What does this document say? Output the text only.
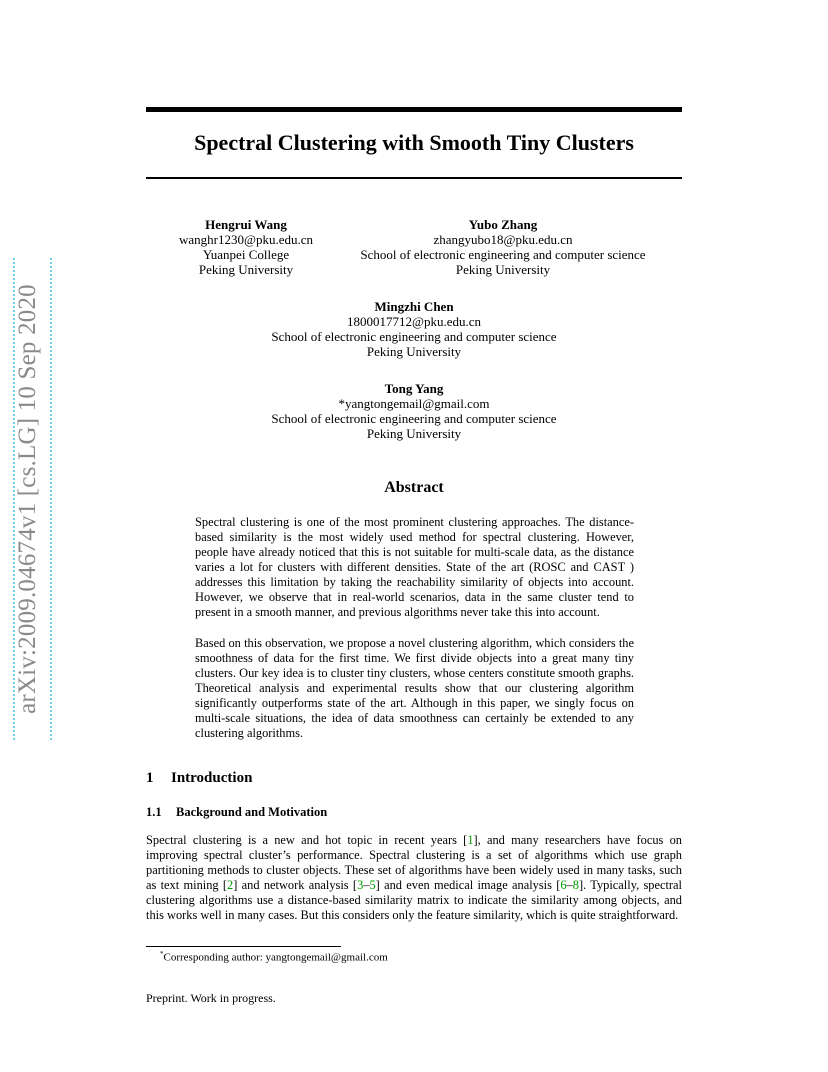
arXiv:2009.04674v1 [cs.LG] 10 Sep 2020
Spectral Clustering with Smooth Tiny Clusters
Hengrui Wang
wanghr1230@pku.edu.cn
Yuanpei College
Peking University
Yubo Zhang
zhangyubo18@pku.edu.cn
School of electronic engineering and computer science
Peking University
Mingzhi Chen
1800017712@pku.edu.cn
School of electronic engineering and computer science
Peking University
Tong Yang
*yangtongemail@gmail.com
School of electronic engineering and computer science
Peking University
Abstract

Spectral clustering is one of the most prominent clustering approaches. The distance-based similarity is the most widely used method for spectral clustering. However, people have already noticed that this is not suitable for multi-scale data, as the distance varies a lot for clusters with different densities. State of the art (ROSC and CAST ) addresses this limitation by taking the reachability similarity of objects into account. However, we observe that in real-world scenarios, data in the same cluster tend to present in a smooth manner, and previous algorithms never take this into account.

Based on this observation, we propose a novel clustering algorithm, which considers the smoothness of data for the first time. We first divide objects into a great many tiny clusters. Our key idea is to cluster tiny clusters, whose centers constitute smooth graphs. Theoretical analysis and experimental results show that our clustering algorithm significantly outperforms state of the art. Although in this paper, we singly focus on multi-scale situations, the idea of data smoothness can certainly be extended to any clustering algorithms.

1 Introduction
1.1 Background and Motivation

Spectral clustering is a new and hot topic in recent years [1], and many researchers have focus on improving spectral cluster’s performance. Spectral clustering is a set of algorithms which use graph partitioning methods to cluster objects. These set of algorithms have been widely used in many tasks, such as text mining [2] and network analysis [3–5] and even medical image analysis [6–8]. Typically, spectral clustering algorithms use a distance-based similarity matrix to indicate the similarity among objects, and this works well in many cases. But this considers only the feature similarity, which is quite straightforward.

*Corresponding author: yangtongemail@gmail.com

Preprint. Work in progress.
